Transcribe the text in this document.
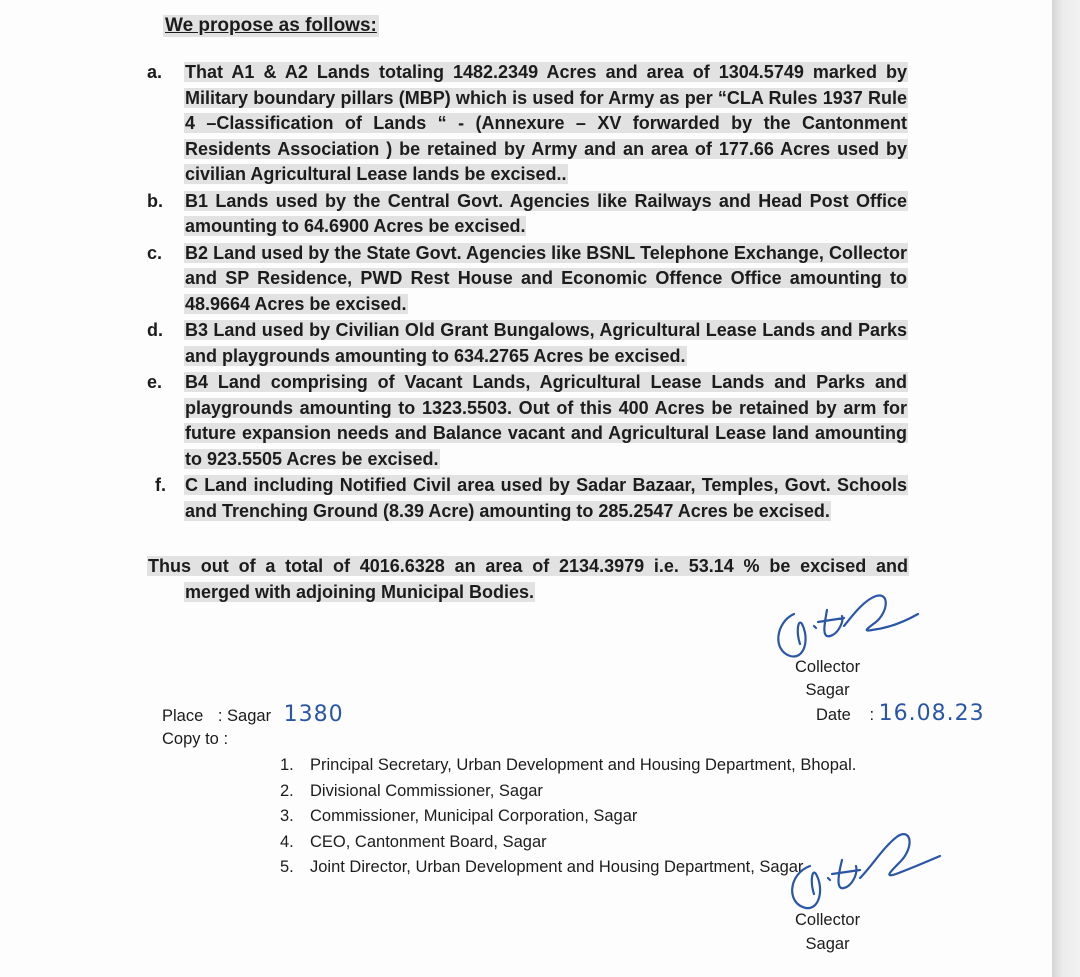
We propose as follows:
a. That A1 & A2 Lands totaling 1482.2349 Acres and area of 1304.5749 marked by Military boundary pillars (MBP) which is used for Army as per “CLA Rules 1937 Rule 4 –Classification of Lands “ - (Annexure – XV forwarded by the Cantonment Residents Association ) be retained by Army and an area of 177.66 Acres used by civilian Agricultural Lease lands be excised..
b. B1 Lands used by the Central Govt. Agencies like Railways and Head Post Office amounting to 64.6900 Acres be excised.
c. B2 Land used by the State Govt. Agencies like BSNL Telephone Exchange, Collector and SP Residence, PWD Rest House and Economic Offence Office amounting to 48.9664 Acres be excised.
d. B3 Land used by Civilian Old Grant Bungalows, Agricultural Lease Lands and Parks and playgrounds amounting to 634.2765 Acres be excised.
e. B4 Land comprising of Vacant Lands, Agricultural Lease Lands and Parks and playgrounds amounting to 1323.5503. Out of this 400 Acres be retained by arm for future expansion needs and Balance vacant and Agricultural Lease land amounting to 923.5505 Acres be excised.
f. C Land including Notified Civil area used by Sadar Bazaar, Temples, Govt. Schools and Trenching Ground (8.39 Acre) amounting to 285.2547 Acres be excised.
Thus out of a total of 4016.6328 an area of 2134.3979 i.e. 53.14 % be excised and
merged with adjoining Municipal Bodies.
Collector
Sagar
Place : Sagar 1380	Date : 16.08.23
Copy to :
1. Principal Secretary, Urban Development and Housing Department, Bhopal.
2. Divisional Commissioner, Sagar
3. Commissioner, Municipal Corporation, Sagar
4. CEO, Cantonment Board, Sagar
5. Joint Director, Urban Development and Housing Department, Sagar
Collector
Sagar
